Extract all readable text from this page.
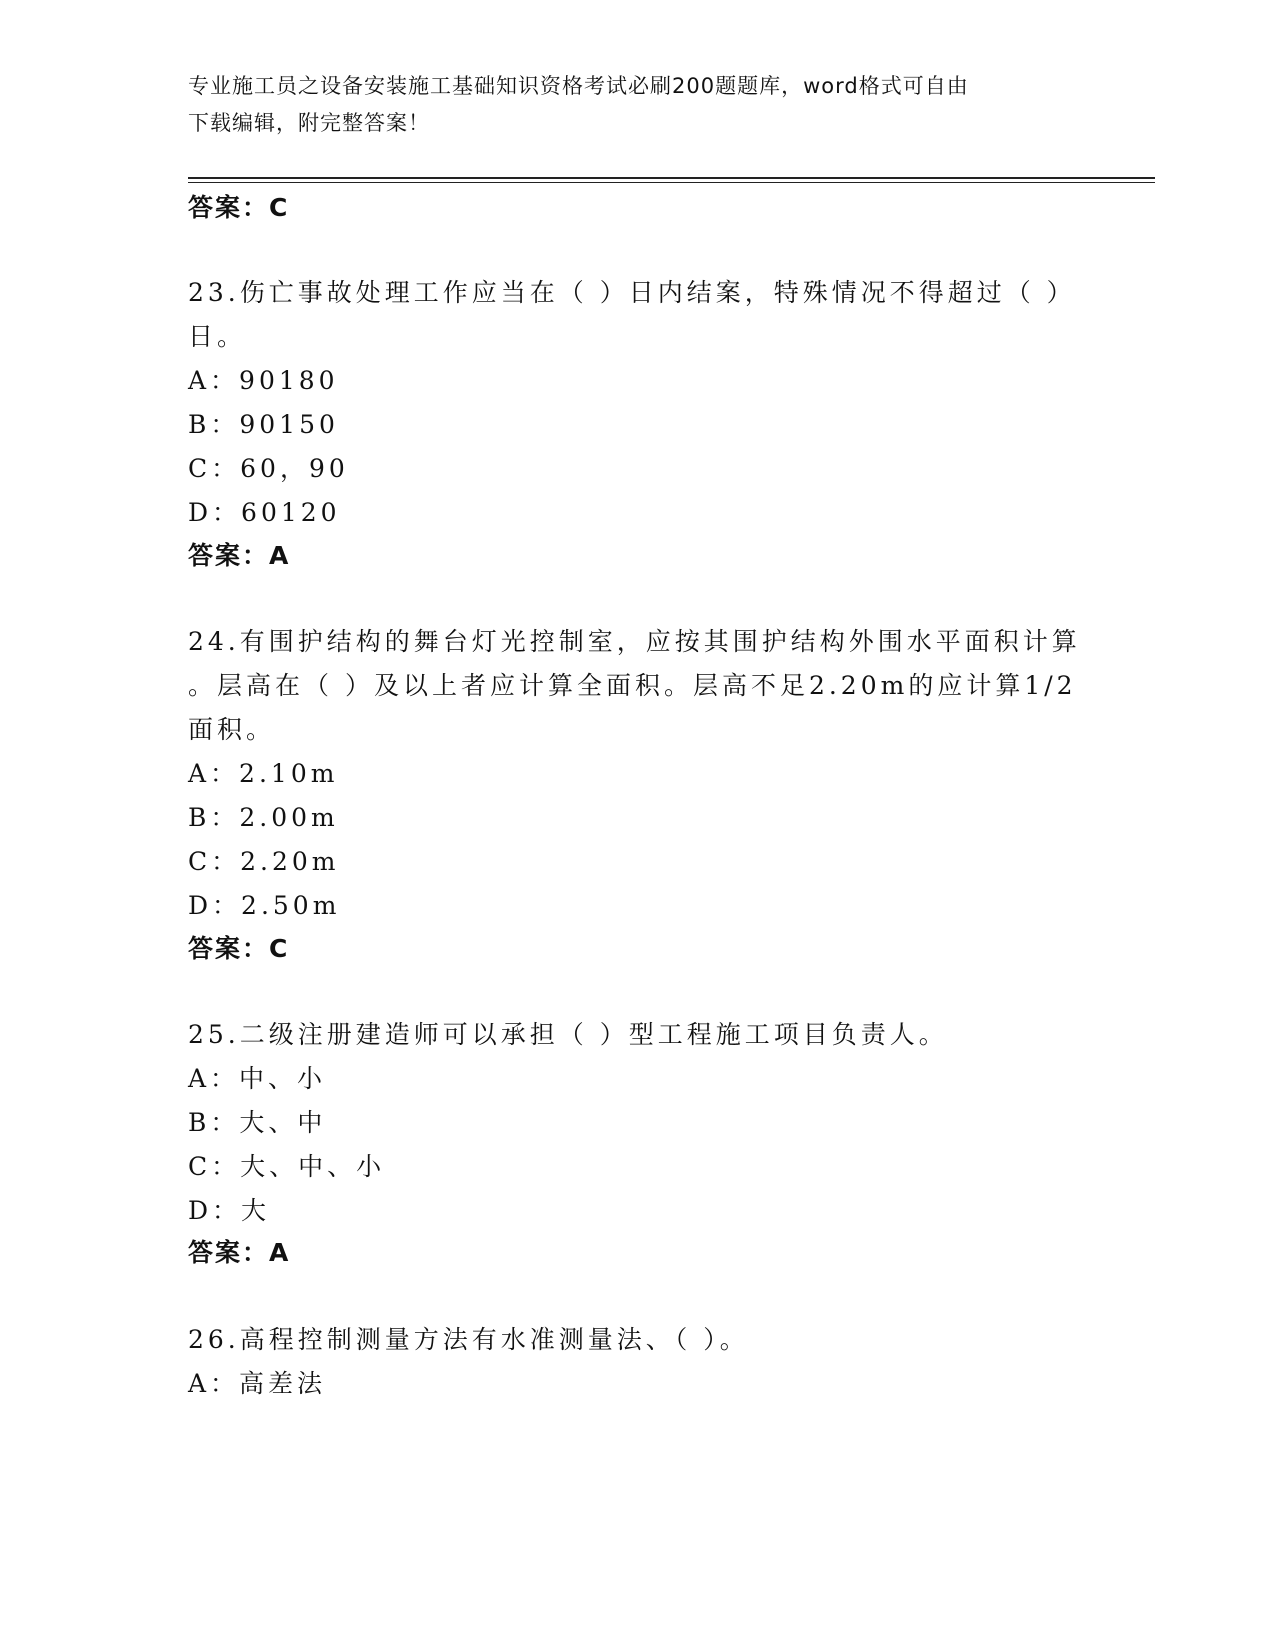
专业施工员之设备安装施工基础知识资格考试必刷200题题库，word格式可自由
下载编辑，附完整答案！
答案：C
23.伤亡事故处理工作应当在（ ）日内结案，特殊情况不得超过（ ）
日。
A：90180
B：90150
C：60，90
D：60120
答案：A
24.有围护结构的舞台灯光控制室，应按其围护结构外围水平面积计算
。层高在（ ）及以上者应计算全面积。层高不足2.20m的应计算1/2
面积。
A：2.10m
B：2.00m
C：2.20m
D：2.50m
答案：C
25.二级注册建造师可以承担（ ）型工程施工项目负责人。
A：中、小
B：大、中
C：大、中、小
D：大
答案：A
26.高程控制测量方法有水准测量法、（ ）。
A：高差法
